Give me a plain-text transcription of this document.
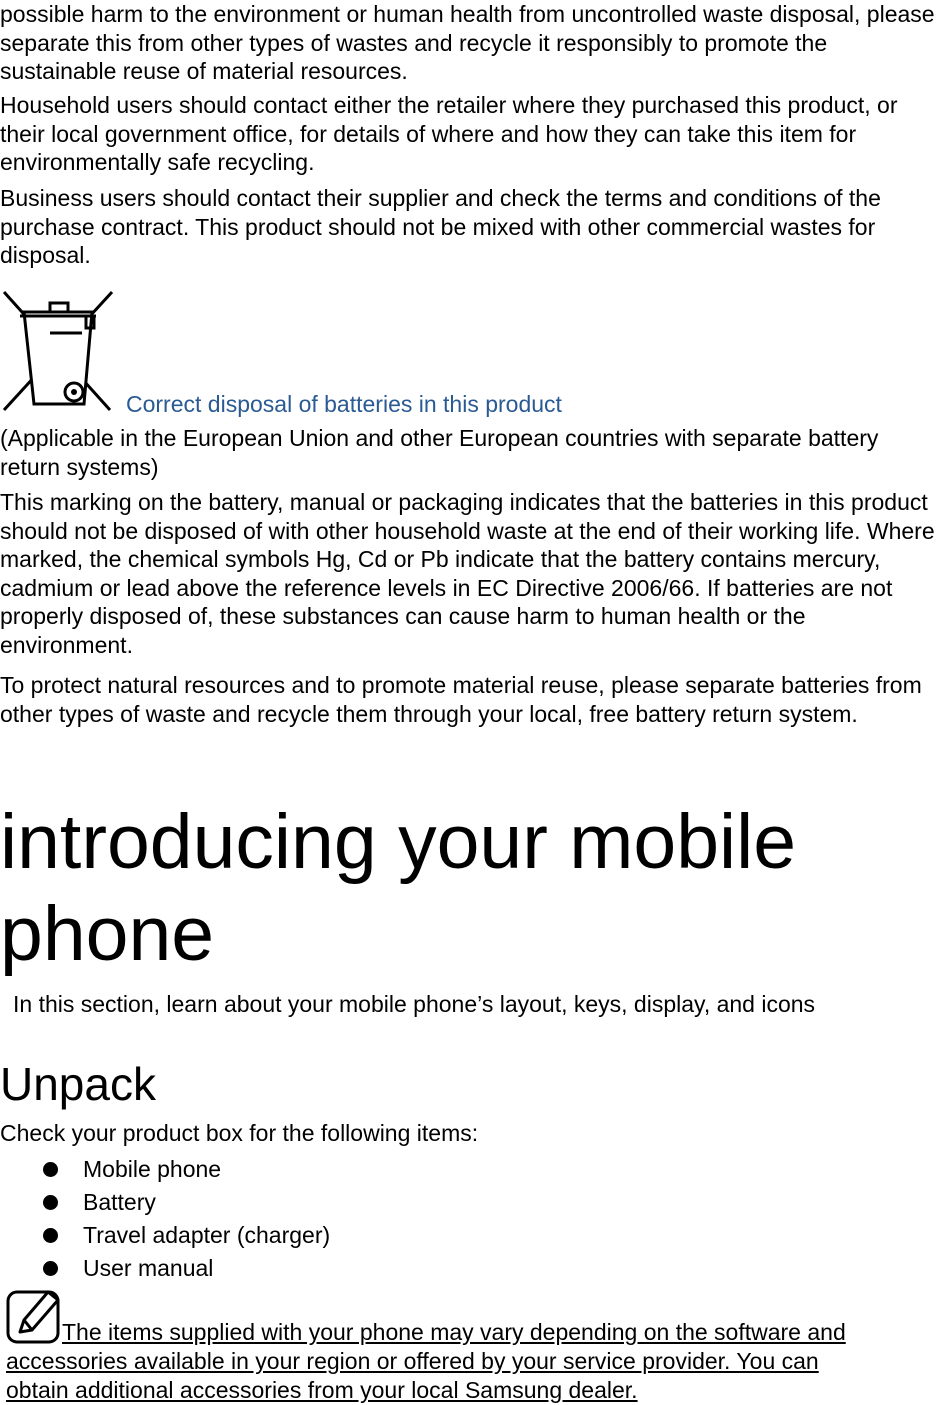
possible harm to the environment or human health from uncontrolled waste disposal, please separate this from other types of wastes and recycle it responsibly to promote the sustainable reuse of material resources.

Household users should contact either the retailer where they purchased this product, or their local government office, for details of where and how they can take this item for environmentally safe recycling.

Business users should contact their supplier and check the terms and conditions of the purchase contract. This product should not be mixed with other commercial wastes for disposal.

Correct disposal of batteries in this product

(Applicable in the European Union and other European countries with separate battery return systems)

This marking on the battery, manual or packaging indicates that the batteries in this product should not be disposed of with other household waste at the end of their working life. Where marked, the chemical symbols Hg, Cd or Pb indicate that the battery contains mercury, cadmium or lead above the reference levels in EC Directive 2006/66. If batteries are not properly disposed of, these substances can cause harm to human health or the environment.

To protect natural resources and to promote material reuse, please separate batteries from other types of waste and recycle them through your local, free battery return system.

introducing your mobile
phone
In this section, learn about your mobile phone’s layout, keys, display, and icons
Unpack
Check your product box for the following items:
Mobile phone
Battery
Travel adapter (charger)
User manual
The items supplied with your phone may vary depending on the software and
accessories available in your region or offered by your service provider. You can
obtain additional accessories from your local Samsung dealer.
